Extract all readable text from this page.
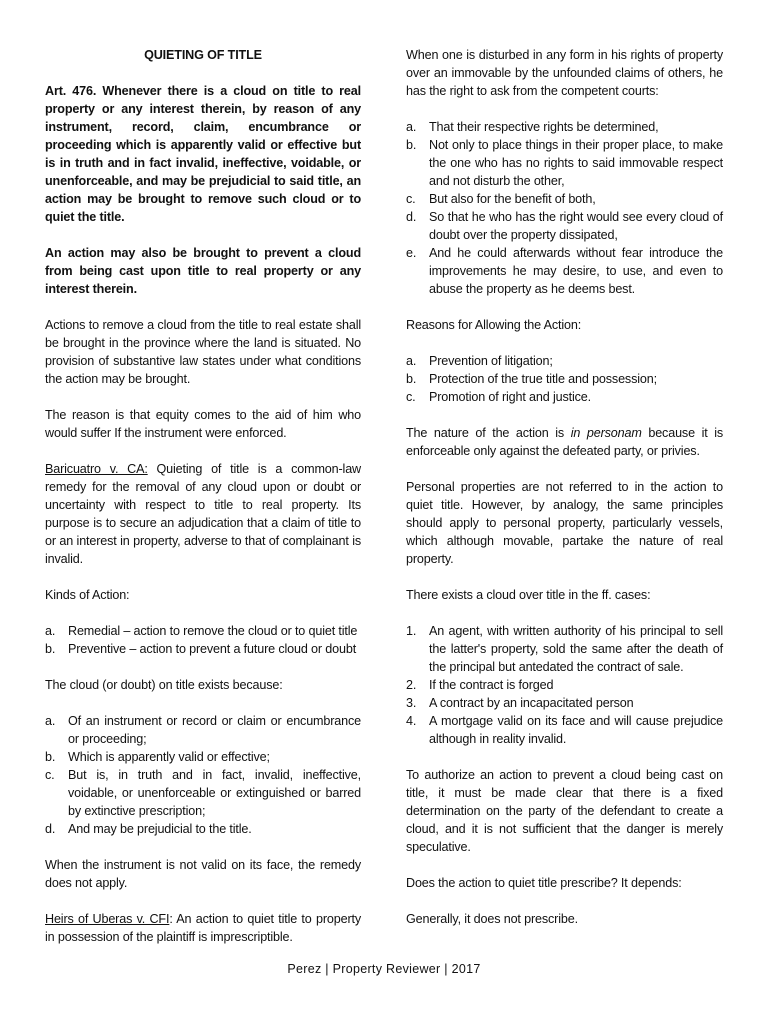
QUIETING OF TITLE

Art. 476. Whenever there is a cloud on title to real property or any interest therein, by reason of any instrument, record, claim, encumbrance or proceeding which is apparently valid or effective but is in truth and in fact invalid, ineffective, voidable, or unenforceable, and may be prejudicial to said title, an action may be brought to remove such cloud or to quiet the title.

An action may also be brought to prevent a cloud from being cast upon title to real property or any interest therein.

Actions to remove a cloud from the title to real estate shall be brought in the province where the land is situated. No provision of substantive law states under what conditions the action may be brought.

The reason is that equity comes to the aid of him who would suffer If the instrument were enforced.

Baricuatro v. CA: Quieting of title is a common-law remedy for the removal of any cloud upon or doubt or uncertainty with respect to title to real property. Its purpose is to secure an adjudication that a claim of title to or an interest in property, adverse to that of complainant is invalid.

Kinds of Action:

a.	Remedial – action to remove the cloud or to quiet title
b.	Preventive – action to prevent a future cloud or doubt

The cloud (or doubt) on title exists because:

a.	Of an instrument or record or claim or encumbrance or proceeding;
b.	Which is apparently valid or effective;
c.	But is, in truth and in fact, invalid, ineffective, voidable, or unenforceable or extinguished or barred by extinctive prescription;
d.	And may be prejudicial to the title.

When the instrument is not valid on its face, the remedy does not apply.

Heirs of Uberas v. CFI: An action to quiet title to property in possession of the plaintiff is imprescriptible.

When one is disturbed in any form in his rights of property over an immovable by the unfounded claims of others, he has the right to ask from the competent courts:

a.	That their respective rights be determined,
b.	Not only to place things in their proper place, to make the one who has no rights to said immovable respect and not disturb the other,
c.	But also for the benefit of both,
d.	So that he who has the right would see every cloud of doubt over the property dissipated,
e.	And he could afterwards without fear introduce the improvements he may desire, to use, and even to abuse the property as he deems best.

Reasons for Allowing the Action:

a.	Prevention of litigation;
b.	Protection of the true title and possession;
c.	Promotion of right and justice.

The nature of the action is in personam because it is enforceable only against the defeated party, or privies.

Personal properties are not referred to in the action to quiet title. However, by analogy, the same principles should apply to personal property, particularly vessels, which although movable, partake the nature of real property.

There exists a cloud over title in the ff. cases:

1.	An agent, with written authority of his principal to sell the latter's property, sold the same after the death of the principal but antedated the contract of sale.
2.	If the contract is forged
3.	A contract by an incapacitated person
4.	A mortgage valid on its face and will cause prejudice although in reality invalid.

To authorize an action to prevent a cloud being cast on title, it must be made clear that there is a fixed determination on the party of the defendant to create a cloud, and it is not sufficient that the danger is merely speculative.

Does the action to quiet title prescribe? It depends:

Generally, it does not prescribe.

Perez | Property Reviewer | 2017
